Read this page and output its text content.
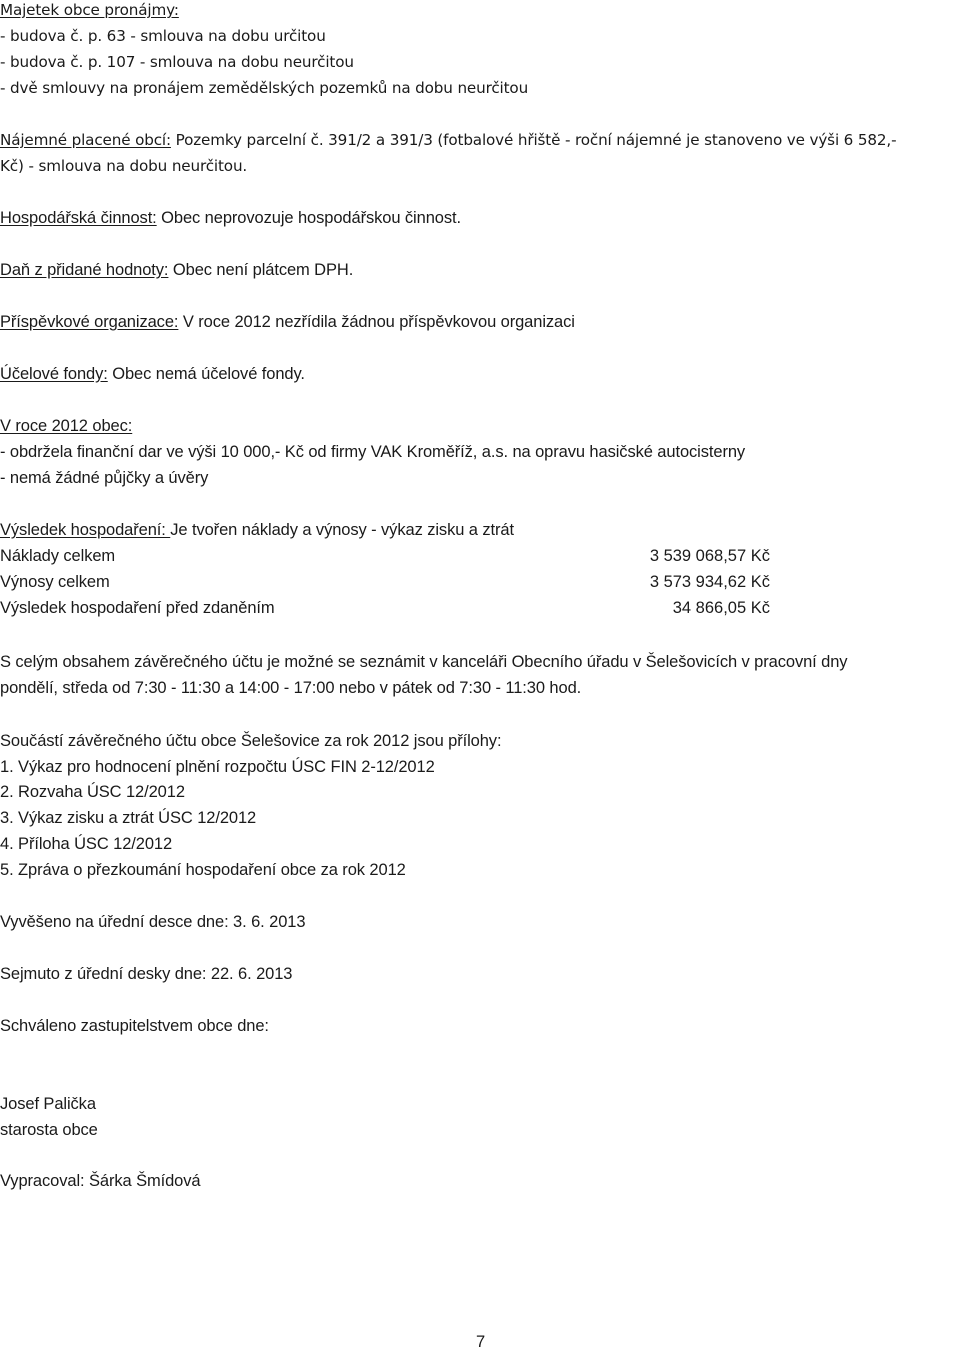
Majetek obce pronájmy:
- budova č. p. 63 - smlouva na dobu určitou
- budova č. p. 107 - smlouva na dobu neurčitou
- dvě smlouvy na pronájem zemědělských pozemků na dobu neurčitou
Nájemné placené obcí: Pozemky parcelní č. 391/2 a 391/3 (fotbalové hřiště - roční nájemné je stanoveno ve výši 6 582,-
Kč) - smlouva na dobu neurčitou.
Hospodářská činnost: Obec neprovozuje hospodářskou činnost.
Daň z přidané hodnoty: Obec není plátcem DPH.
Příspěvkové organizace: V roce 2012 nezřídila žádnou příspěvkovou organizaci
Účelové fondy: Obec nemá účelové fondy.
V roce 2012 obec:
- obdržela finanční dar ve výši 10 000,- Kč od firmy VAK Kroměříž, a.s. na opravu hasičské autocisterny
- nemá žádné půjčky a úvěry
Výsledek hospodaření: Je tvořen náklady a výnosy - výkaz zisku a ztrát
Náklady celkem	3 539 068,57 Kč
Výnosy celkem	3 573 934,62 Kč
Výsledek hospodaření před zdaněním	34 866,05 Kč
S celým obsahem závěrečného účtu je možné se seznámit v kanceláři Obecního úřadu v Šelešovicích v pracovní dny
pondělí, středa od 7:30 - 11:30 a 14:00 - 17:00 nebo v pátek od 7:30 - 11:30 hod.
Součástí závěrečného účtu obce Šelešovice za rok 2012 jsou přílohy:
1. Výkaz pro hodnocení plnění rozpočtu ÚSC FIN 2-12/2012
2. Rozvaha ÚSC 12/2012
3. Výkaz zisku a ztrát ÚSC 12/2012
4. Příloha ÚSC 12/2012
5. Zpráva o přezkoumání hospodaření obce za rok 2012
Vyvěšeno na úřední desce dne: 3. 6. 2013
Sejmuto z úřední desky dne: 22. 6. 2013
Schváleno zastupitelstvem obce dne:
Josef Palička
starosta obce
Vypracoval: Šárka Šmídová
7
